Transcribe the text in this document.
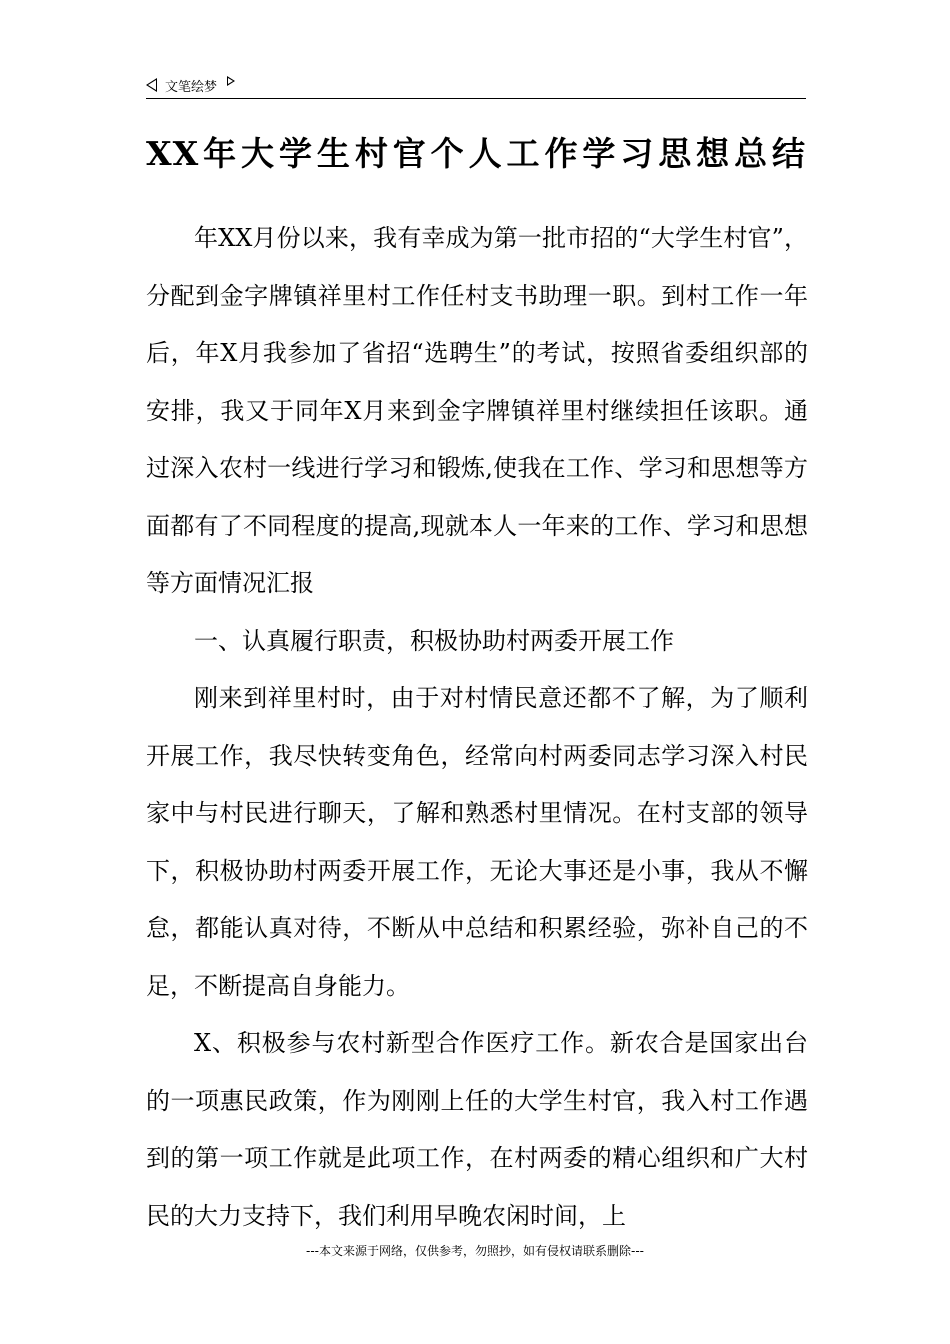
文笔绘梦
XX年大学生村官个人工作学习思想总结

年XX月份以来，我有幸成为第一批市招的“大学生村官”，分配到金字牌镇祥里村工作任村支书助理一职。到村工作一年后，年X月我参加了省招“选聘生”的考试，按照省委组织部的安排，我又于同年X月来到金字牌镇祥里村继续担任该职。通过深入农村一线进行学习和锻炼,使我在工作、学习和思想等方面都有了不同程度的提高,现就本人一年来的工作、学习和思想等方面情况汇报

一、认真履行职责，积极协助村两委开展工作

刚来到祥里村时，由于对村情民意还都不了解，为了顺利开展工作，我尽快转变角色，经常向村两委同志学习深入村民家中与村民进行聊天，了解和熟悉村里情况。在村支部的领导下，积极协助村两委开展工作，无论大事还是小事，我从不懈怠，都能认真对待，不断从中总结和积累经验，弥补自己的不足，不断提高自身能力。

X、积极参与农村新型合作医疗工作。新农合是国家出台的一项惠民政策，作为刚刚上任的大学生村官，我入村工作遇到的第一项工作就是此项工作，在村两委的精心组织和广大村民的大力支持下，我们利用早晚农闲时间，上

---本文来源于网络，仅供参考，勿照抄，如有侵权请联系删除---
